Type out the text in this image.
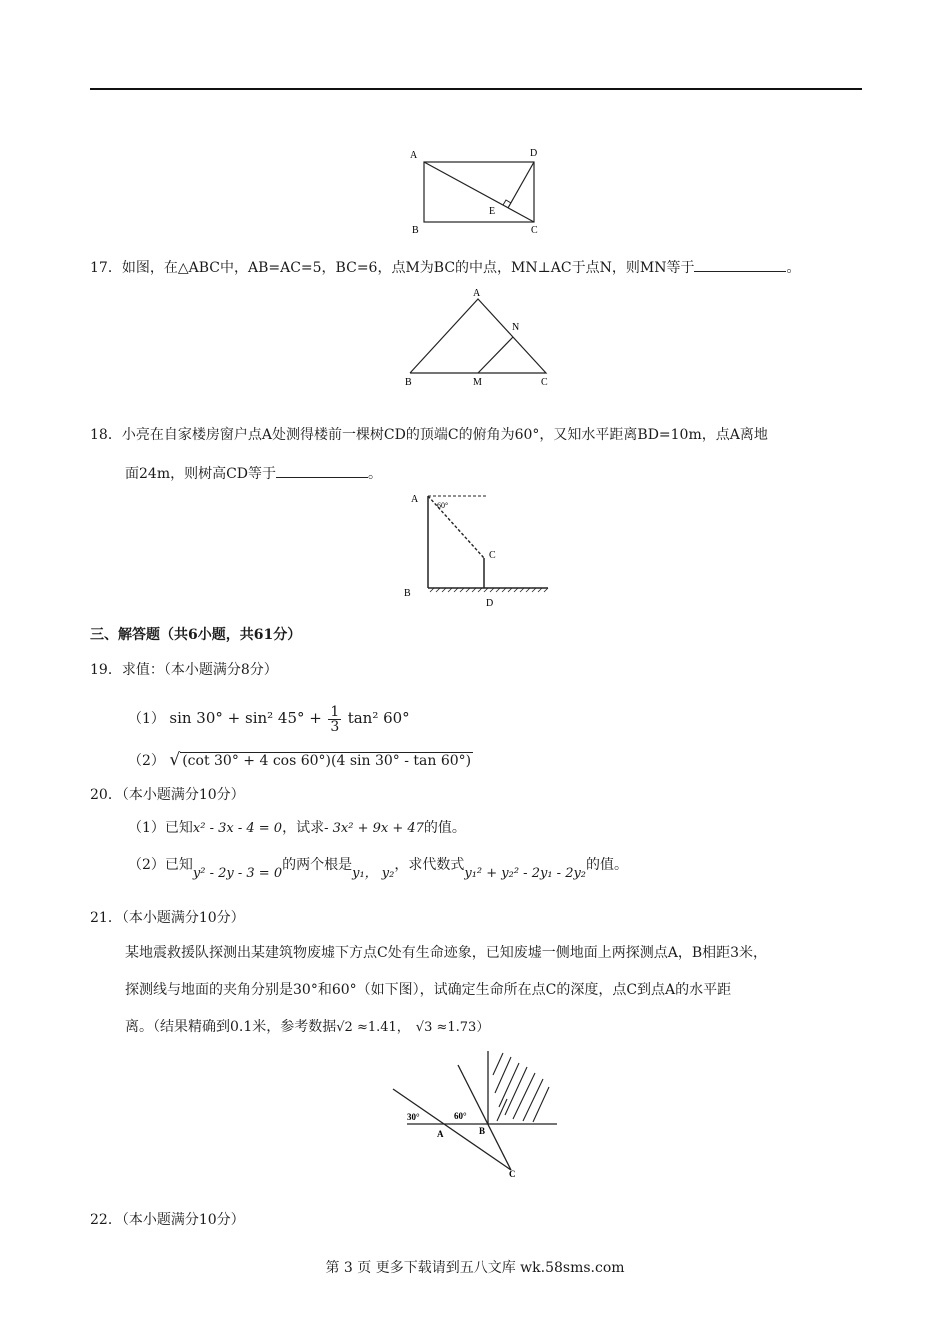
A	D
E
B	C
17．如图，在△ABC中，AB=AC=5，BC=6，点M为BC的中点，MN⊥AC于点N，则MN等于	。
A
N
B	M	C
18．小亮在自家楼房窗户点A处测得楼前一棵树CD的顶端C的俯角为60°，又知水平距离BD=10m，点A离地
面24m，则树高CD等于	。
A
60°
C
B
D
三、解答题（共6小题，共61分）
19．求值：（本小题满分8分）
（1） sin 30° + sin² $45^\circ + \frac{1}{3} \tan^2$ 60°
（2） √ (cot 30° + 4 cos 60°)(4 sin 30° - tan 60°)
20．（本小题满分10分）
（1）已知x² - 3x - 4 = 0，试求- 3x² + 9x + 47的值。
（2）已知y² - 2y - 3 = 0的两个根是y₁， y₂，求代数式y₁² + y₂² - 2y₁ - 2y₂的值。
21．（本小题满分10分）
某地震救援队探测出某建筑物废墟下方点C处有生命迹象，已知废墟一侧地面上两探测点A，B相距3米，
探测线与地面的夹角分别是30°和60°（如下图），试确定生命所在点C的深度，点C到点A的水平距
离。（结果精确到0.1米，参考数据√2 ≈1.41， √3 ≈1.73）
30°	60°
A	B
C
22．（本小题满分10分）
第 3 页 更多下载请到五八文库 wk.58sms.com
